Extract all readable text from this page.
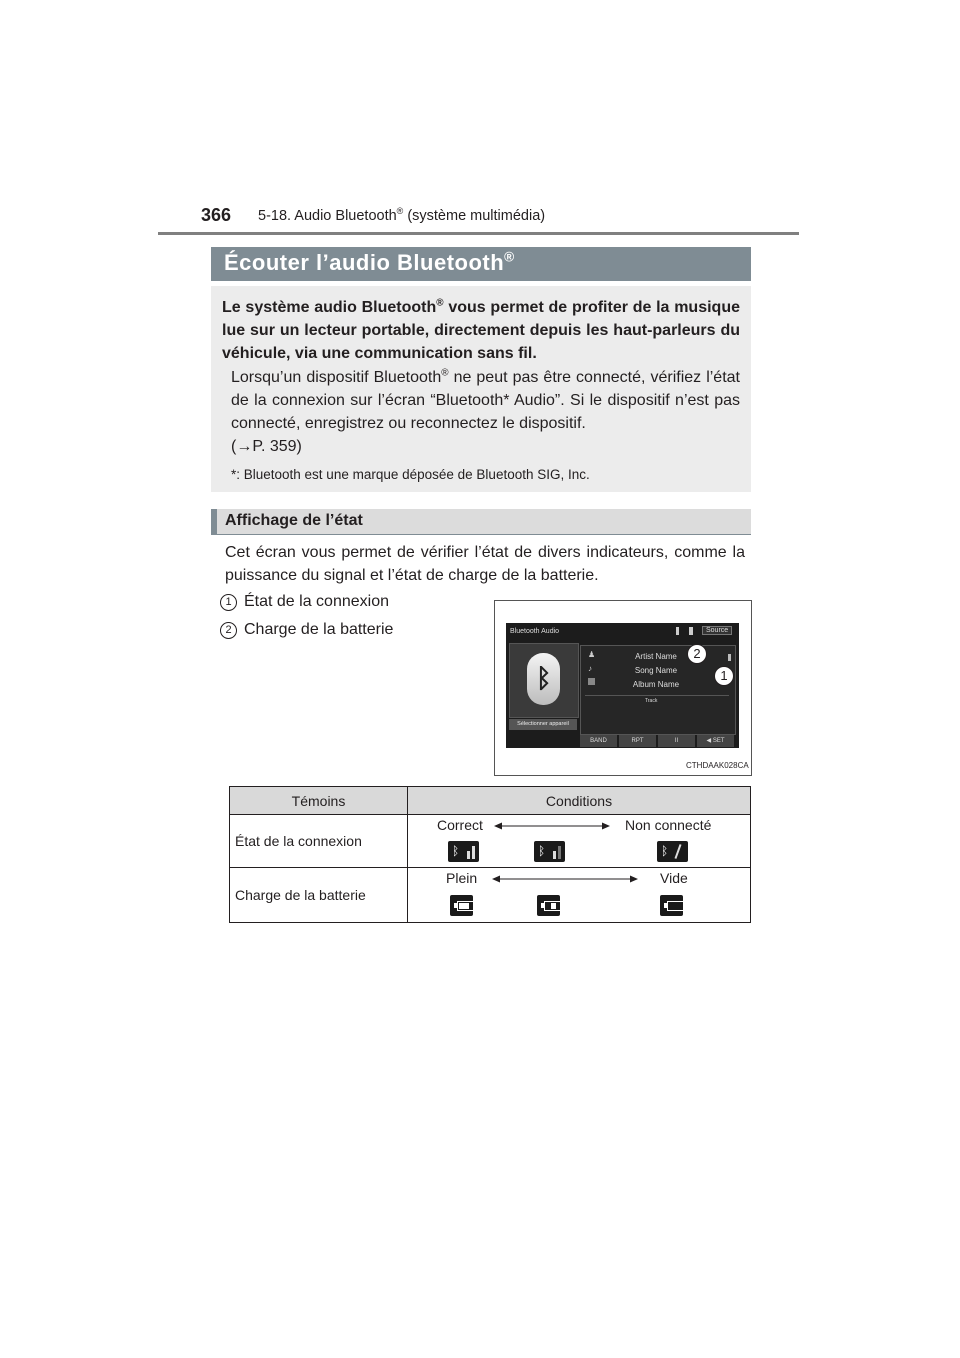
366 5-18. Audio Bluetooth® (système multimédia)
Écouter l’audio Bluetooth®
Le système audio Bluetooth® vous permet de profiter de la musique lue sur un lecteur portable, directement depuis les haut-parleurs du véhicule, via une communication sans fil.
Lorsqu’un dispositif Bluetooth® ne peut pas être connecté, vérifiez l’état de la connexion sur l’écran “Bluetooth* Audio”. Si le dispositif n’est pas connecté, enregistrez ou reconnectez le dispositif.
(→P. 359)
*: Bluetooth est une marque déposée de Bluetooth SIG, Inc.
Affichage de l’état
Cet écran vous permet de vérifier l’état de divers indicateurs, comme la puissance du signal et l’état de charge de la batterie.
1 État de la connexion
2 Charge de la batterie	Bluetooth Audio	Source
ᛒ
♟
♪
Artist Name
Song Name
Album Name
Track
Sélectionner appareil
BAND	RPT	II	◀ SET
2
1
CTHDAAK028CA
Témoins	Conditions
État de la connexion	Correct Non connecté
ᛒ ᛒ ᛒ

Charge de la batterie	Plein Vide
